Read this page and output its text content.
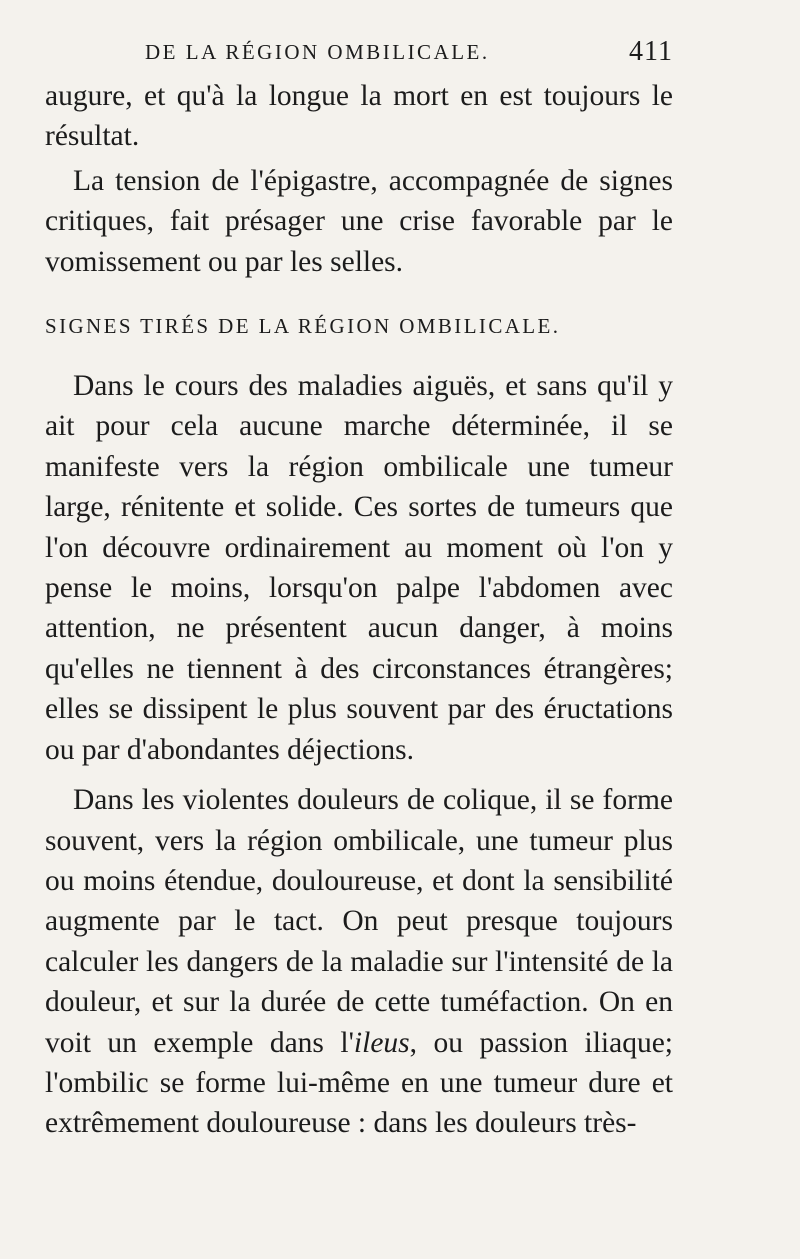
DE LA RÉGION OMBILICALE.	411

augure, et qu'à la longue la mort en est toujours le résultat.

La tension de l'épigastre, accompagnée de signes critiques, fait présager une crise favorable par le vomissement ou par les selles.

SIGNES TIRÉS DE LA RÉGION OMBILICALE.

Dans le cours des maladies aiguës, et sans qu'il y ait pour cela aucune marche déterminée, il se manifeste vers la région ombilicale une tumeur large, rénitente et solide. Ces sortes de tumeurs que l'on découvre ordinairement au moment où l'on y pense le moins, lorsqu'on palpe l'abdomen avec attention, ne présentent aucun danger, à moins qu'elles ne tiennent à des circonstances étrangères; elles se dissipent le plus souvent par des éructations ou par d'abondantes déjections.

Dans les violentes douleurs de colique, il se forme souvent, vers la région ombilicale, une tumeur plus ou moins étendue, douloureuse, et dont la sensibilité augmente par le tact. On peut presque toujours calculer les dangers de la maladie sur l'intensité de la douleur, et sur la durée de cette tuméfaction. On en voit un exemple dans l'ileus, ou passion iliaque; l'ombilic se forme lui-même en une tumeur dure et extrêmement douloureuse : dans les douleurs très-
